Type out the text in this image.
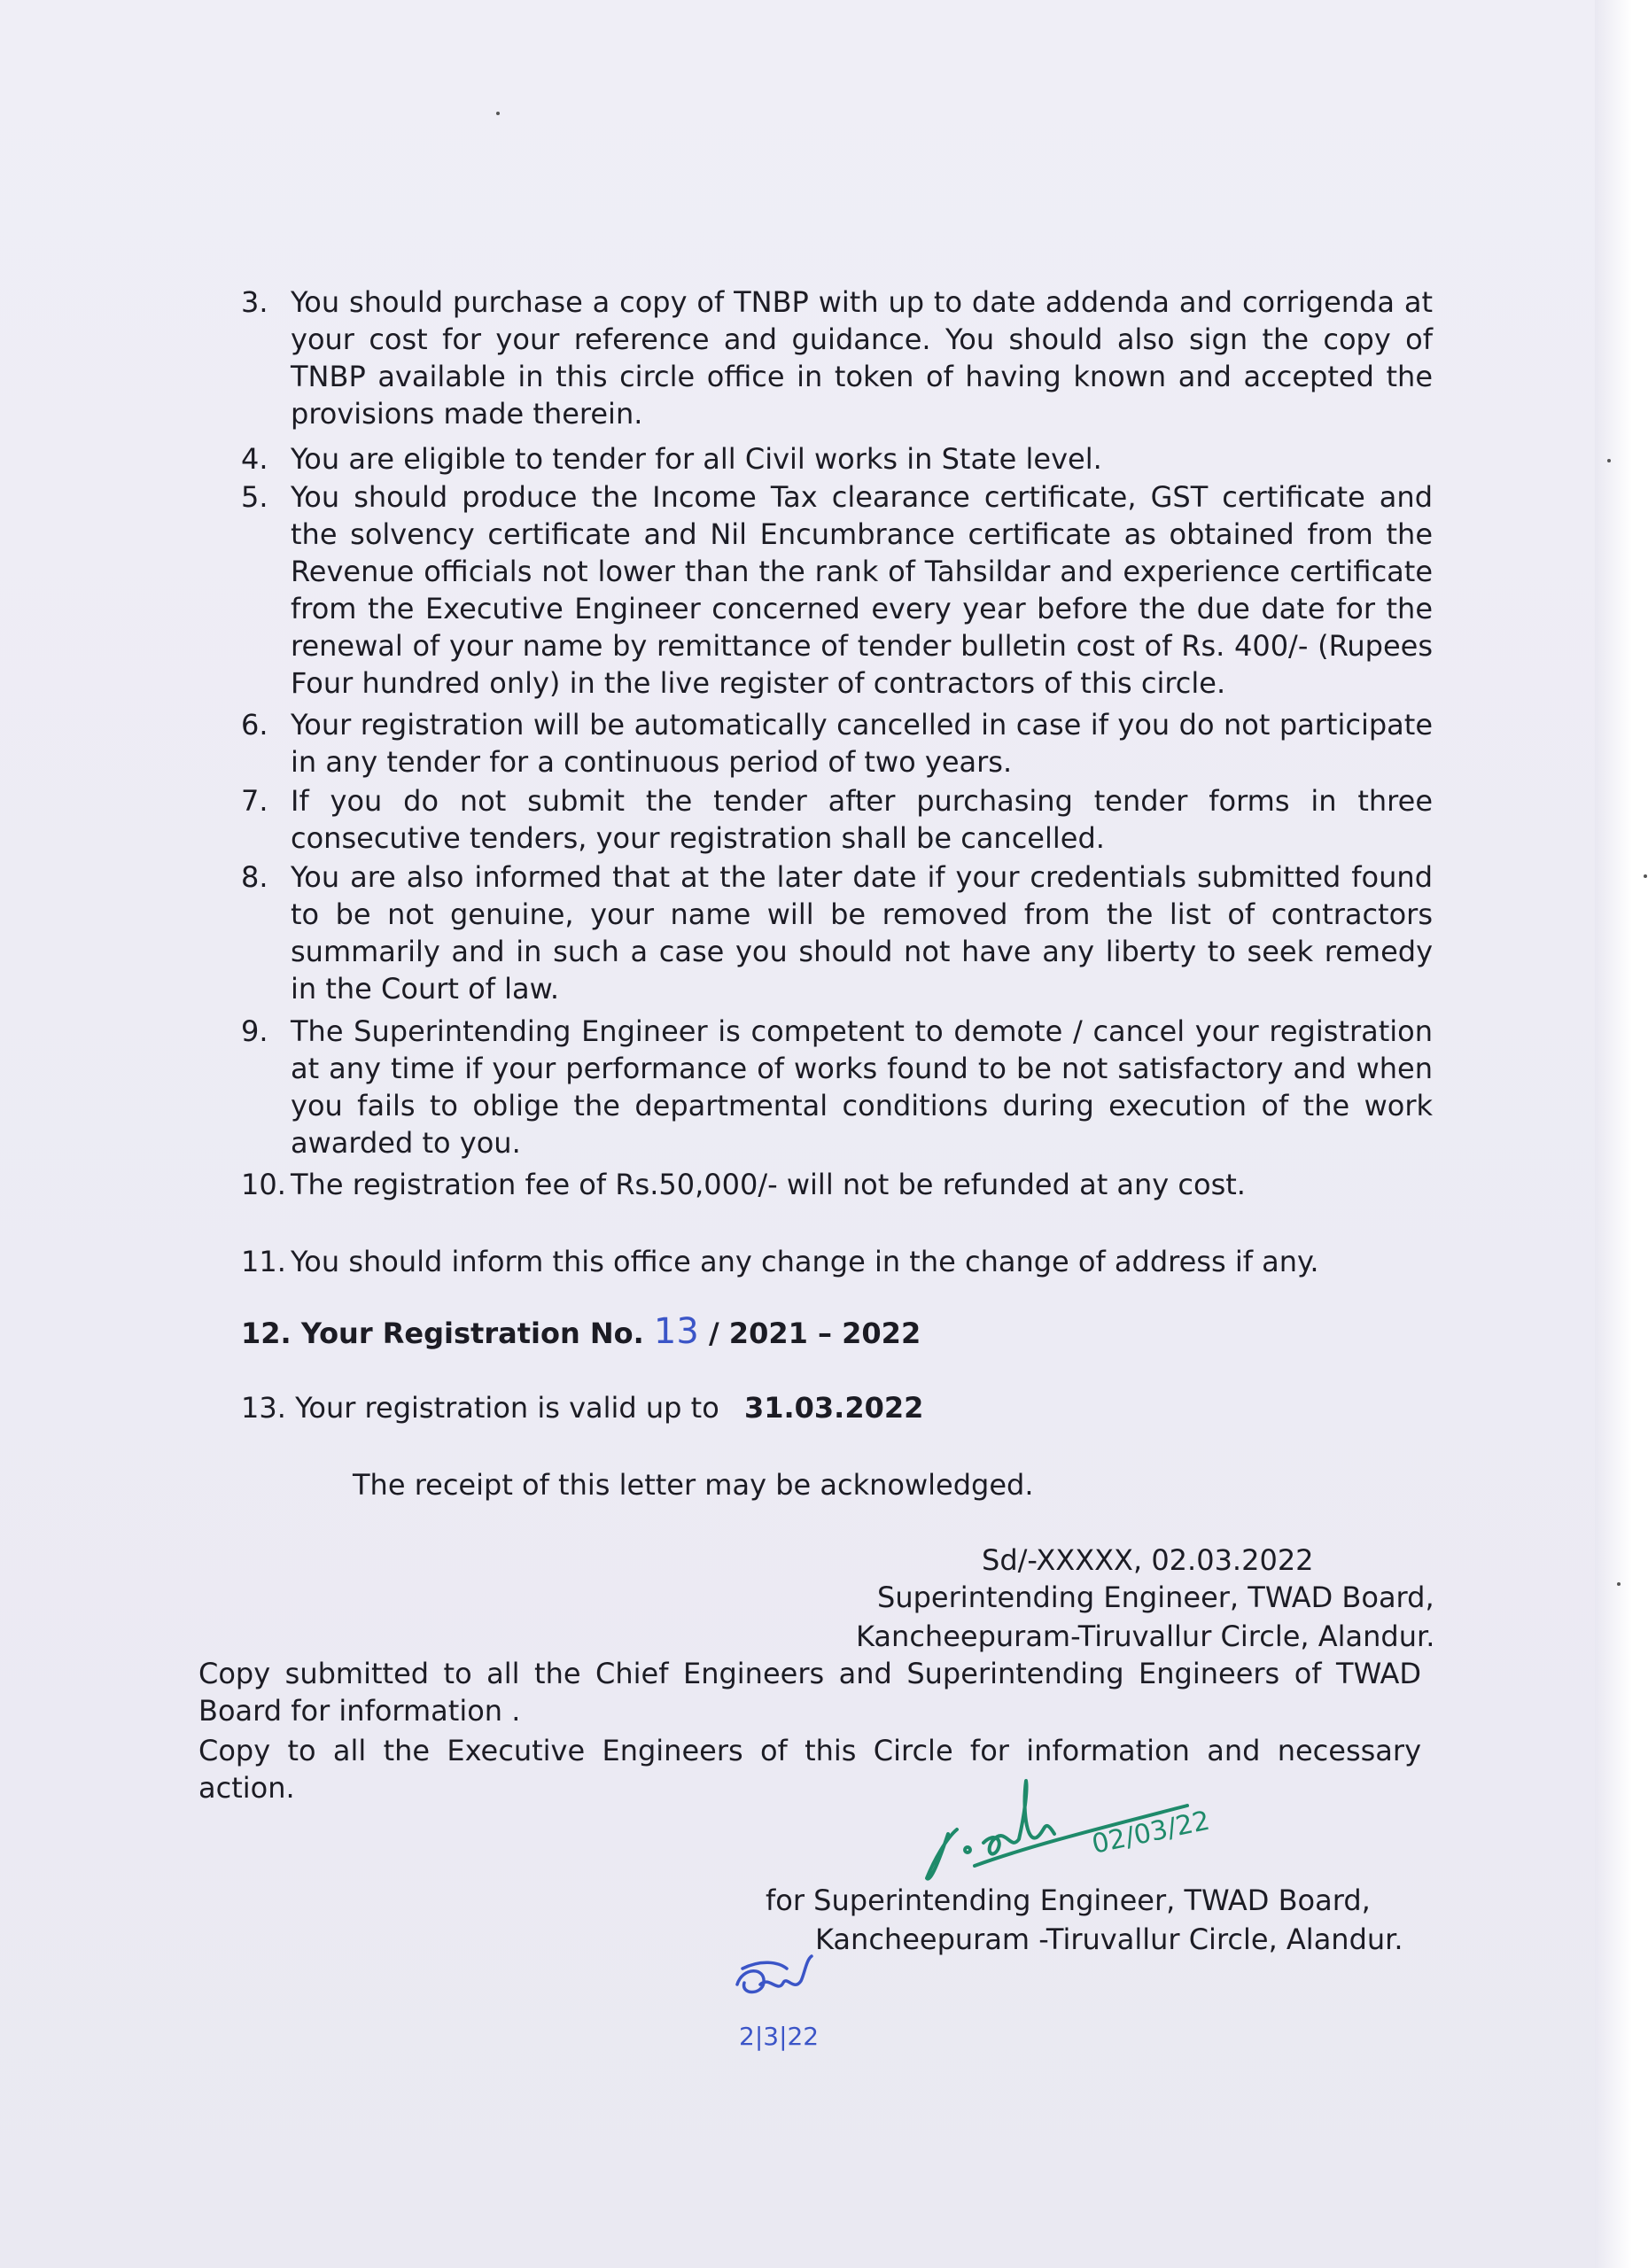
3. You should purchase a copy of TNBP with up to date addenda and corrigenda at your cost for your reference and guidance. You should also sign the copy of TNBP available in this circle office in token of having known and accepted the provisions made therein.
4. You are eligible to tender for all Civil works in State level.
5. You should produce the Income Tax clearance certificate, GST certificate and the solvency certificate and Nil Encumbrance certificate as obtained from the Revenue officials not lower than the rank of Tahsildar and experience certificate from the Executive Engineer concerned every year before the due date for the renewal of your name by remittance of tender bulletin cost of Rs. 400/- (Rupees Four hundred only) in the live register of contractors of this circle.
6. Your registration will be automatically cancelled in case if you do not participate in any tender for a continuous period of two years.
7. If you do not submit the tender after purchasing tender forms in three consecutive tenders, your registration shall be cancelled.
8. You are also informed that at the later date if your credentials submitted found to be not genuine, your name will be removed from the list of contractors summarily and in such a case you should not have any liberty to seek remedy in the Court of law.
9. The Superintending Engineer is competent to demote / cancel your registration at any time if your performance of works found to be not satisfactory and when you fails to oblige the departmental conditions during execution of the work awarded to you.
10. The registration fee of Rs.50,000/- will not be refunded at any cost.
11. You should inform this office any change in the change of address if any.
12. Your Registration No. 13 / 2021 – 2022
13. Your registration is valid up to 31.03.2022
The receipt of this letter may be acknowledged.
Sd/-XXXXX, 02.03.2022
Superintending Engineer, TWAD Board,
Kancheepuram-Tiruvallur Circle, Alandur.
Copy submitted to all the Chief Engineers and Superintending Engineers of TWAD Board for information .
Copy to all the Executive Engineers of this Circle for information and necessary action.
02/03/22
for Superintending Engineer, TWAD Board,
Kancheepuram -Tiruvallur Circle, Alandur.
2|3|22
